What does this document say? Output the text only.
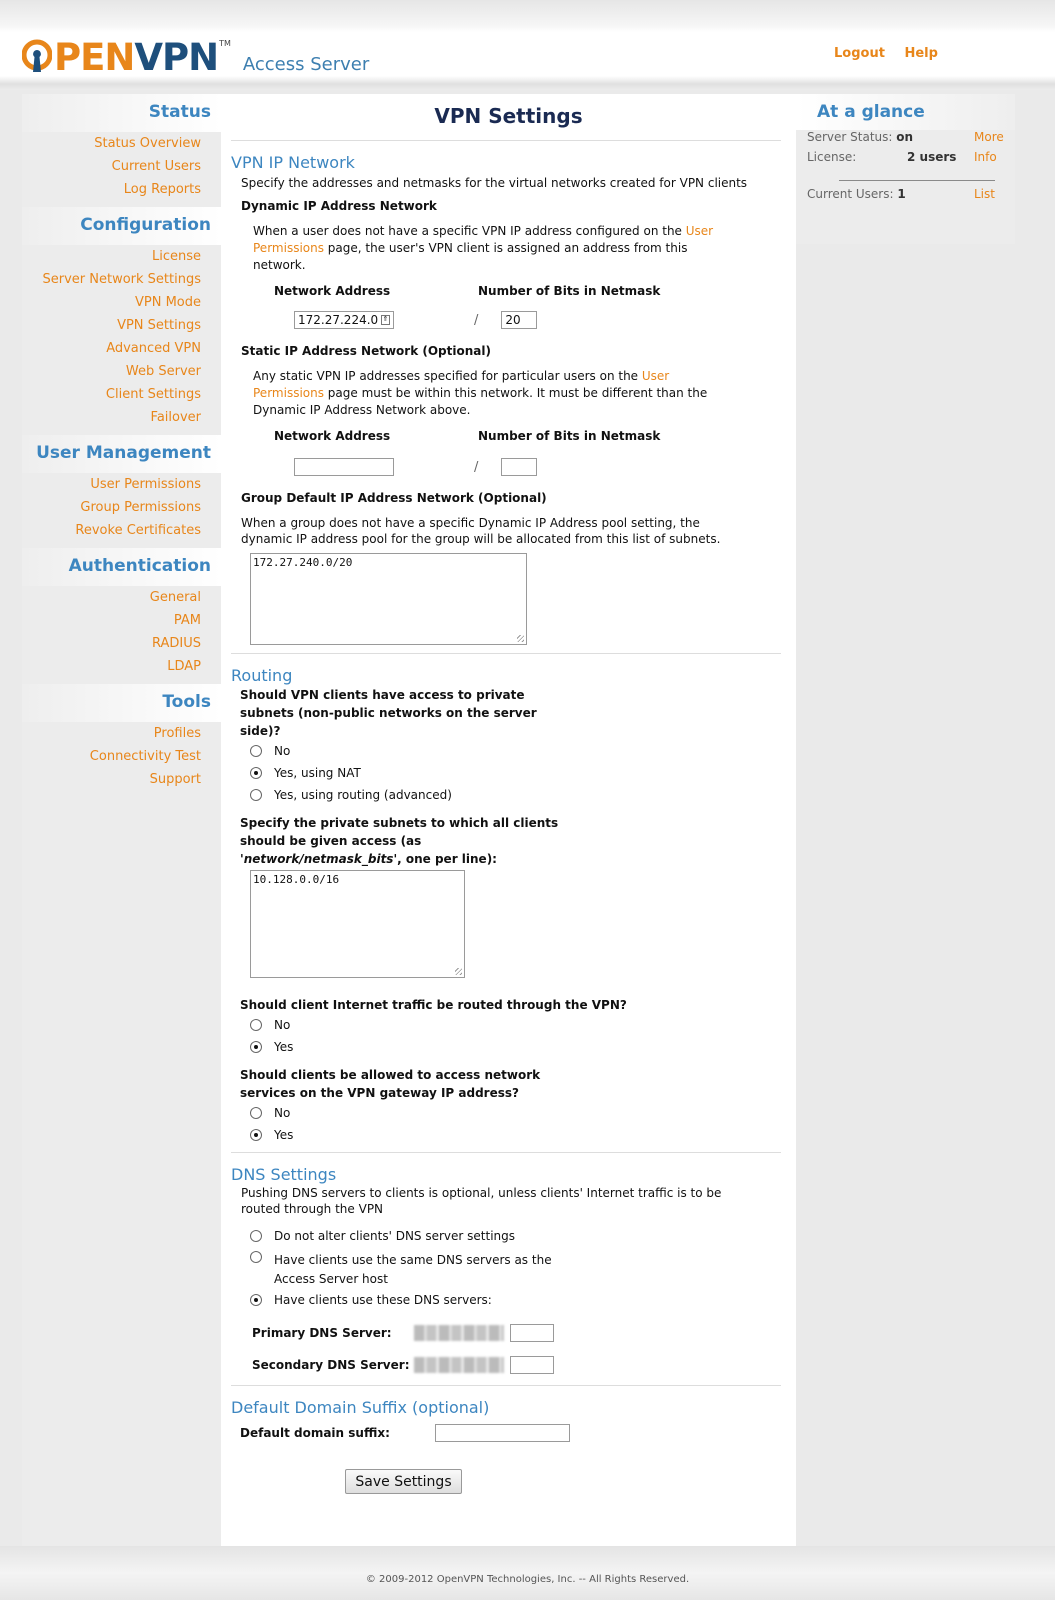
PENVPN TM
Access Server	Logout Help
Status
Status Overview
Current Users
Log Reports
Configuration
License
Server Network Settings
VPN Mode
VPN Settings
Advanced VPN
Web Server
Client Settings
Failover
User Management
User Permissions
Group Permissions
Revoke Certificates
Authentication
General
PAM
RADIUS
LDAP
Tools
Profiles
Connectivity Test
Support
VPN Settings
VPN IP Network
Specify the addresses and netmasks for the virtual networks created for VPN clients
Dynamic IP Address Network
When a user does not have a specific VPN IP address configured on the User Permissions page, the user's VPN client is assigned an address from this network.
Network Address	Number of Bits in Netmask
172.27.224.0 ⇑	/	20
Static IP Address Network (Optional)
Any static VPN IP addresses specified for particular users on the User Permissions page must be within this network. It must be different than the Dynamic IP Address Network above.
Network Address	Number of Bits in Netmask
/
Group Default IP Address Network (Optional)
When a group does not have a specific Dynamic IP Address pool setting, the dynamic IP address pool for the group will be allocated from this list of subnets.
172.27.240.0/20
Routing
Should VPN clients have access to private subnets (non-public networks on the server side)?
No
Yes, using NAT
Yes, using routing (advanced)
Specify the private subnets to which all clients should be given access (as 'network/netmask_bits', one per line):
10.128.0.0/16
Should client Internet traffic be routed through the VPN?
No
Yes
Should clients be allowed to access network services on the VPN gateway IP address?
No
Yes
DNS Settings
Pushing DNS servers to clients is optional, unless clients' Internet traffic is to be routed through the VPN
Do not alter clients' DNS server settings
Have clients use the same DNS servers as the
Access Server host
Have clients use these DNS servers:
Primary DNS Server:
Secondary DNS Server:
Default Domain Suffix (optional)
Default domain suffix:
Save Settings
At a glance
Server Status: on	More
License:	2 users Info
Current Users: 1	List
© 2009-2012 OpenVPN Technologies, Inc. -- All Rights Reserved.
